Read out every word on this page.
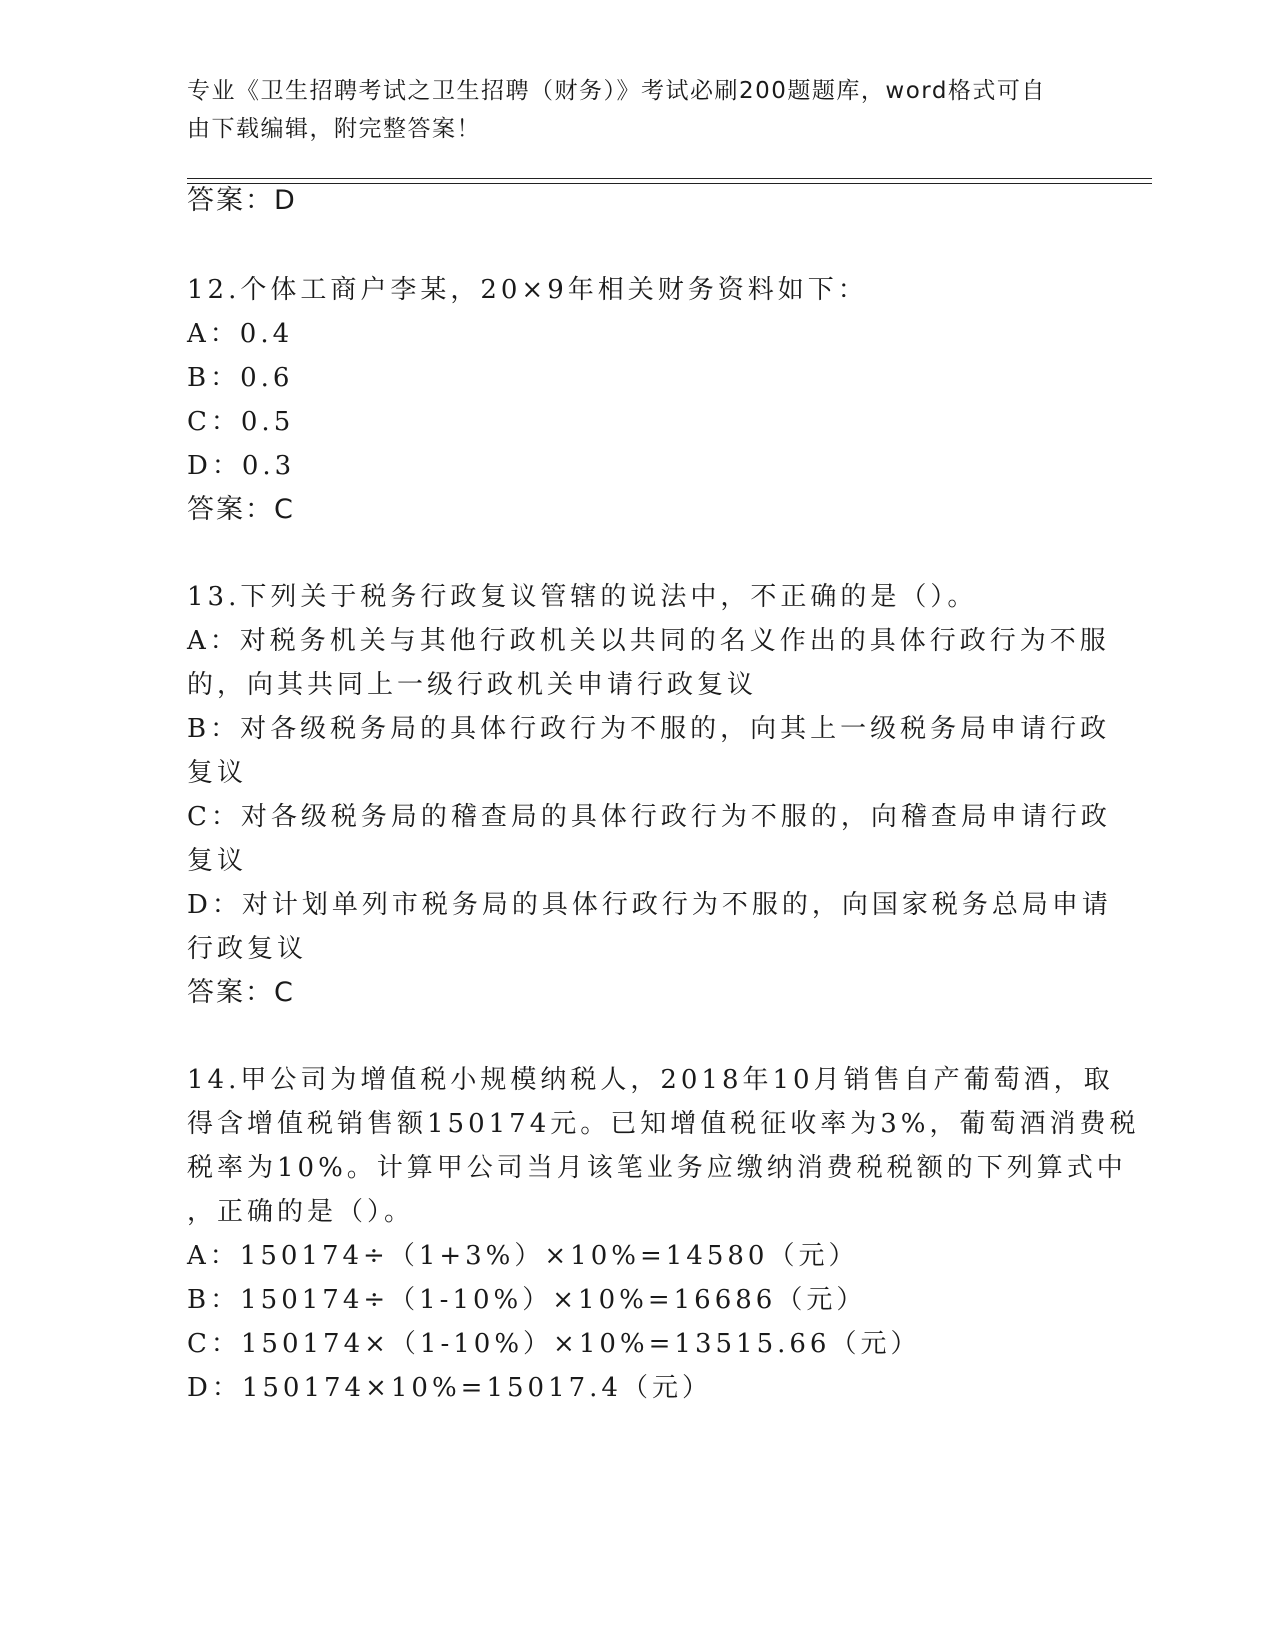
专业《卫生招聘考试之卫生招聘（财务）》考试必刷200题题库，word格式可自由下载编辑，附完整答案！
答案：D
12.个体工商户李某，20×9年相关财务资料如下：
A：0.4
B：0.6
C：0.5
D：0.3
答案：C
13.下列关于税务行政复议管辖的说法中，不正确的是（）。
A：对税务机关与其他行政机关以共同的名义作出的具体行政行为不服
的，向其共同上一级行政机关申请行政复议
B：对各级税务局的具体行政行为不服的，向其上一级税务局申请行政
复议
C：对各级税务局的稽查局的具体行政行为不服的，向稽查局申请行政
复议
D：对计划单列市税务局的具体行政行为不服的，向国家税务总局申请
行政复议
答案：C
14.甲公司为增值税小规模纳税人，2018年10月销售自产葡萄酒，取
得含增值税销售额150174元。已知增值税征收率为3%，葡萄酒消费税
税率为10%。计算甲公司当月该笔业务应缴纳消费税税额的下列算式中
，正确的是（）。
A：150174÷（1+3%）×10%=14580（元）
B：150174÷（1-10%）×10%=16686（元）
C：150174×（1-10%）×10%=13515.66（元）
D：150174×10%=15017.4（元）
